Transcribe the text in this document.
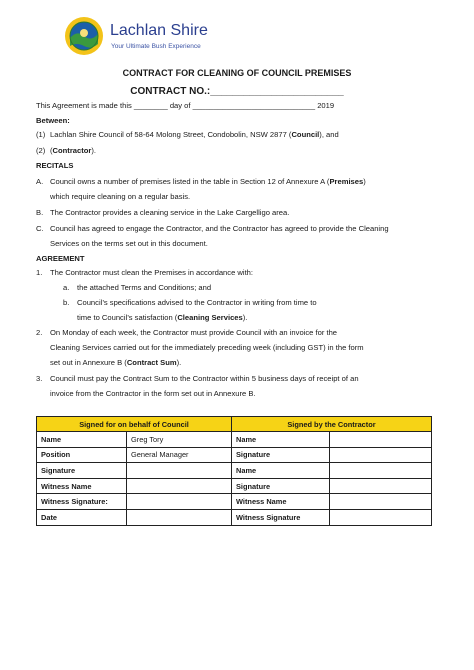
Lachlan Shire
Your Ultimate Bush Experience
CONTRACT FOR CLEANING OF COUNCIL PREMISES
CONTRACT NO.:________________________
This Agreement is made this ________ day of _____________________________ 2019
Between:
(1) Lachlan Shire Council of 58-64 Molong Street, Condobolin, NSW 2877 (Council), and
(2) (Contractor).
RECITALS
A. Council owns a number of premises listed in the table in Section 12 of Annexure A (Premises)
which require cleaning on a regular basis.
B. The Contractor provides a cleaning service in the Lake Cargelligo area.
C. Council has agreed to engage the Contractor, and the Contractor has agreed to provide the Cleaning
Services on the terms set out in this document.
AGREEMENT
1. The Contractor must clean the Premises in accordance with:
a. the attached Terms and Conditions; and
b. Council’s specifications advised to the Contractor in writing from time to
time to Council’s satisfaction (Cleaning Services).
2. On Monday of each week, the Contractor must provide Council with an invoice for the
Cleaning Services carried out for the immediately preceding week (including GST) in the form
set out in Annexure B (Contract Sum).
3. Council must pay the Contract Sum to the Contractor within 5 business days of receipt of an
invoice from the Contractor in the form set out in Annexure B.
Signed for on behalf of Council		Signed by the Contractor	
Name	Greg Tory	Name	
Position	General Manager	Signature	
Signature		Name	
Witness Name		Signature	
Witness Signature:		Witness Name	
Date		Witness Signature	
